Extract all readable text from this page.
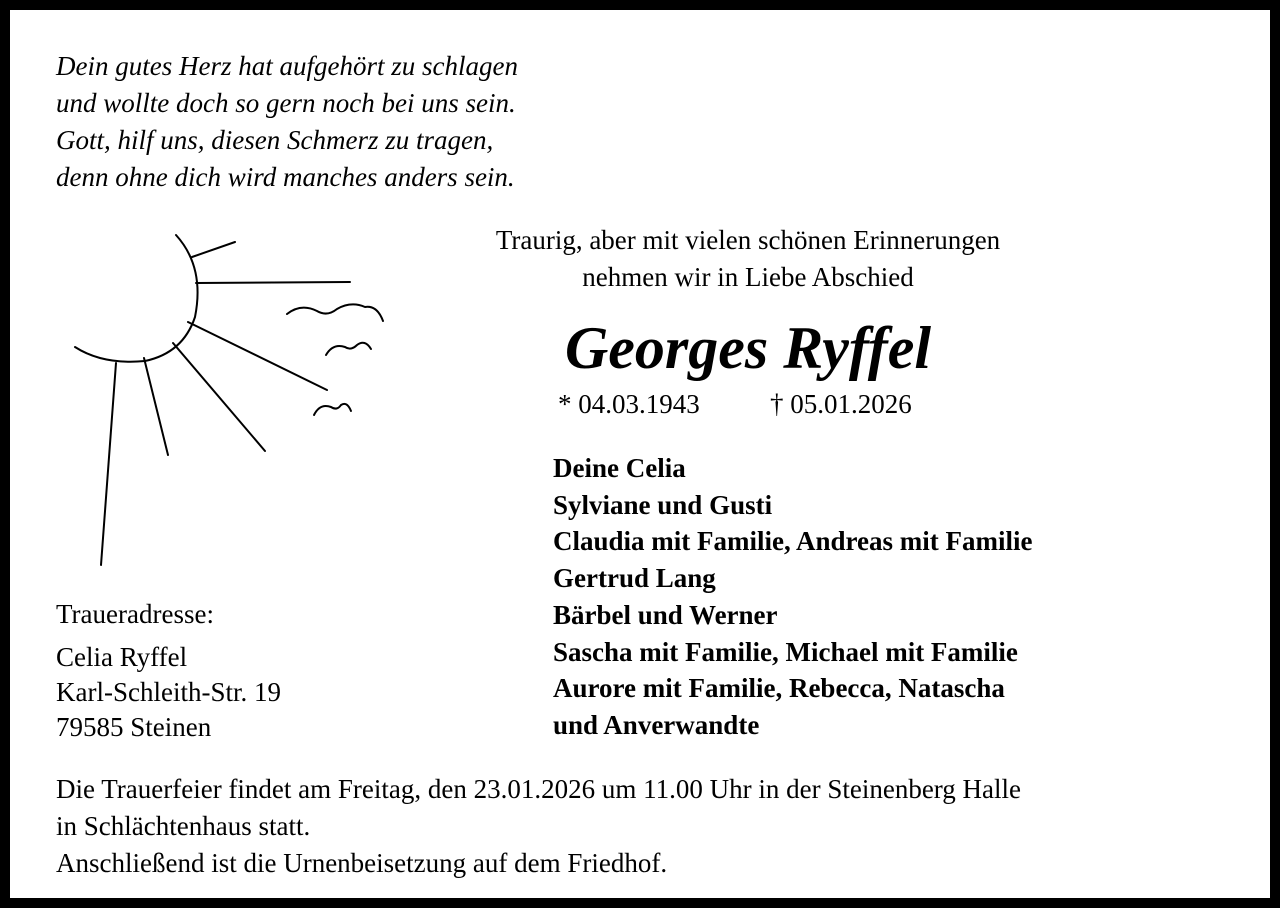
Dein gutes Herz hat aufgehört zu schlagen
und wollte doch so gern noch bei uns sein.
Gott, hilf uns, diesen Schmerz zu tragen,
denn ohne dich wird manches anders sein.
Traurig, aber mit vielen schönen Erinnerungen
nehmen wir in Liebe Abschied
Georges Ryffel
* 04.03.1943	† 05.01.2026
Deine Celia
Sylviane und Gusti
Claudia mit Familie, Andreas mit Familie
Gertrud Lang
Bärbel und Werner
Sascha mit Familie, Michael mit Familie
Aurore mit Familie, Rebecca, Natascha
und Anverwandte
Traueradresse:
Celia Ryffel
Karl-Schleith-Str. 19
79585 Steinen
Die Trauerfeier findet am Freitag, den 23.01.2026 um 11.00 Uhr in der Steinenberg Halle
in Schlächtenhaus statt.
Anschließend ist die Urnenbeisetzung auf dem Friedhof.
